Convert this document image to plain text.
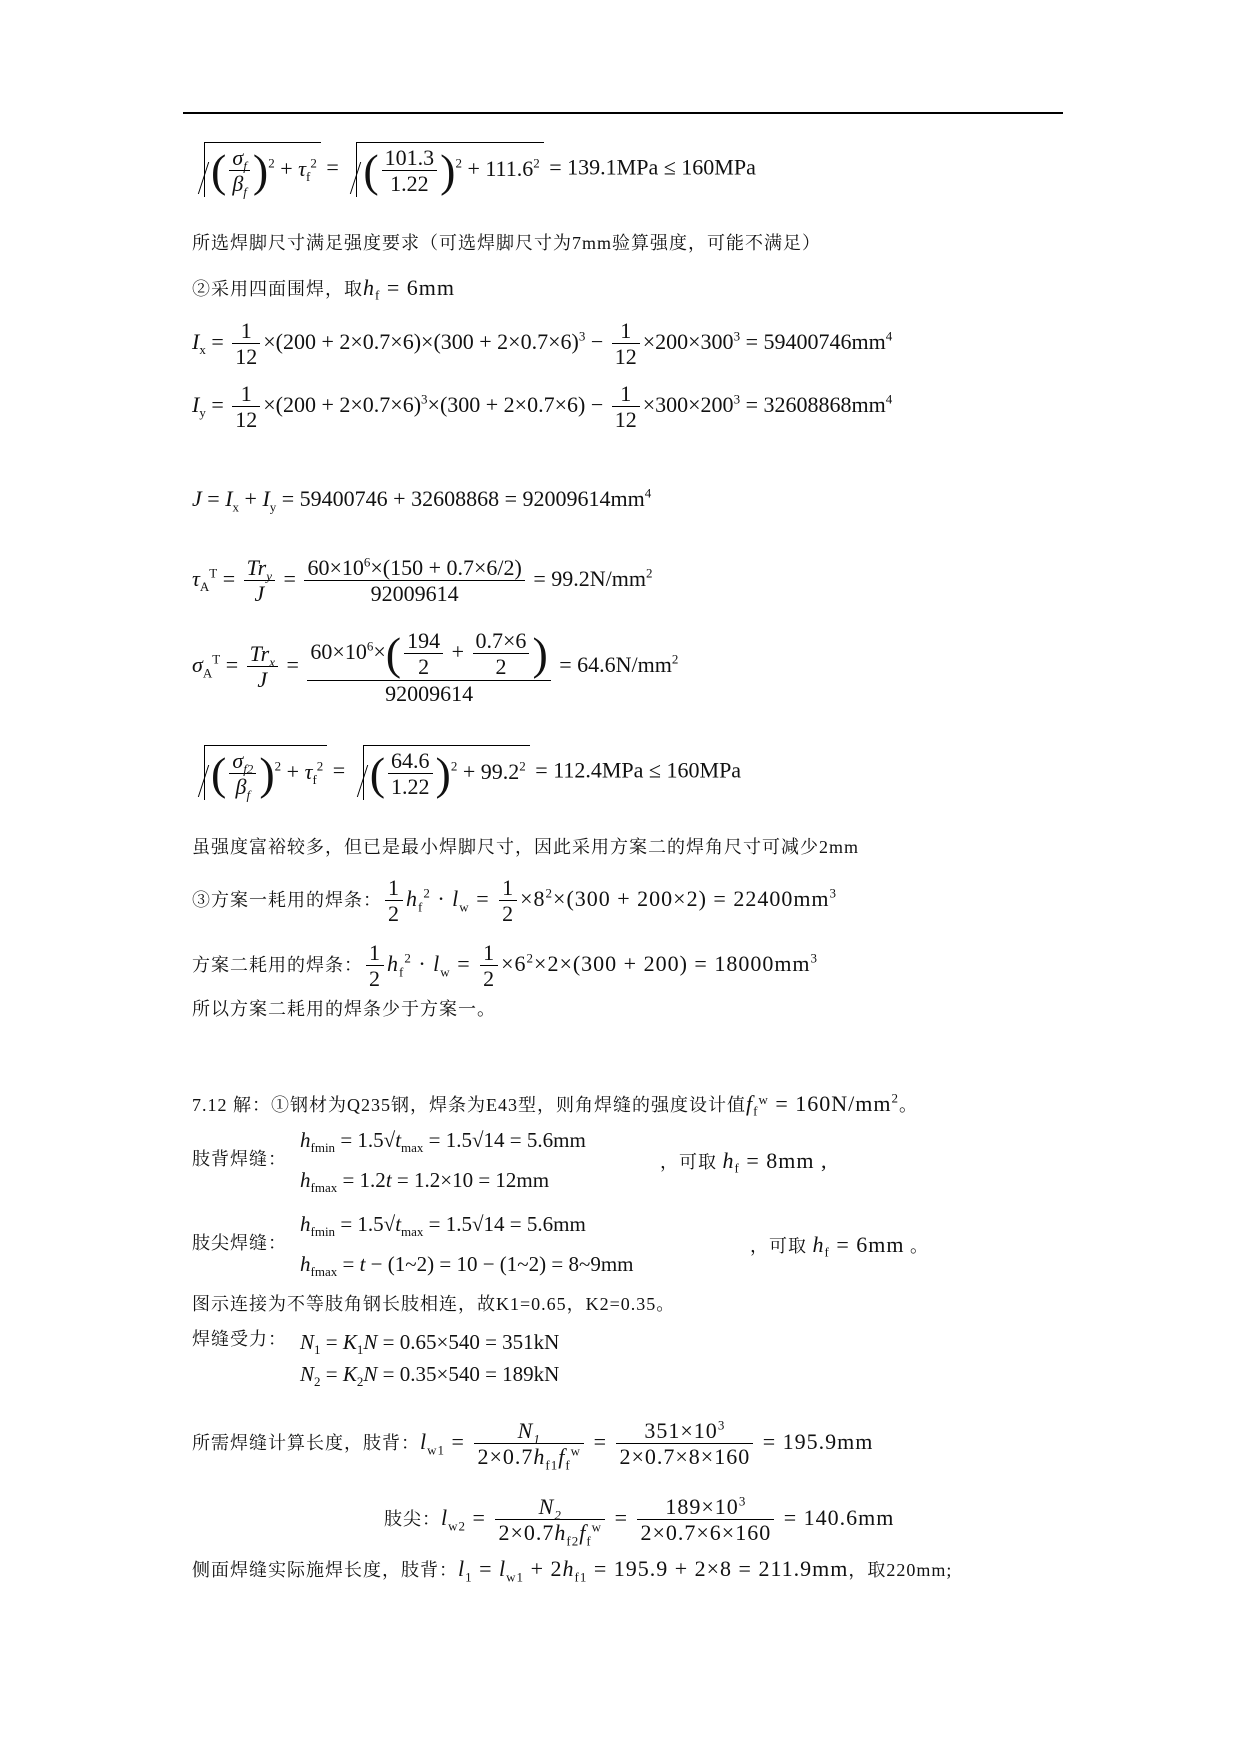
( $\frac{\sigma_f}{\beta_f} )^2 + \tau_f^2$ = ( $\frac{101.3}{1.22} )^2 + 111.6^2 = 139.1MPa \le 160MPa$
所选焊脚尺寸满足强度要求（可选焊脚尺寸为7mm验算强度，可能不满足）
②采用四面围焊，取$h_f = 6mm$
$I_x = \frac{1}{12} \times(200 + 2\times 0.7\times 6)\times(300 + 2\times 0.7\times 6)^3 - \frac{1}{12} \times 200\times 300^3 = 59400746mm^4$
$I_y = \frac{1}{12} \times(200 + 2\times 0.7\times 6)^3\times(300 + 2\times 0.7\times 6) - \frac{1}{12} \times 300\times 200^3 = 32608868mm^4$
$J = I_x + I_y = 59400746 + 32608868 = 92009614mm^4$
$\tau_A^T = \frac{Tr_y}{J} = \frac{60\times 10^6\times(150 + 0.7\times 6/2)}{92009614} = 99.2N/mm^2$
$\sigma_A^T = \frac{Tr_x}{J} = \frac{60\times 10^6\times( \frac{194}{2} + \frac{0.7\times 6}{2} )}{92009614} = 64.6N/mm^2$
( $\frac{\sigma_{f2}}{\beta_f} )^2 + \tau_f^2$ = ( $\frac{64.6}{1.22} )^2 + 99.2^2 = 112.4MPa \le 160MPa$
虽强度富裕较多，但已是最小焊脚尺寸，因此采用方案二的焊角尺寸可减少2mm
③方案一耗用的焊条： $\frac{1}{2} h_f^2 \cdot l_w = \frac{1}{2} \times 8^2\times(300 + 200\times 2) = 22400mm^3$
方案二耗用的焊条： $\frac{1}{2} h_f^2 \cdot l_w = \frac{1}{2} \times 6^2\times 2\times(300 + 200) = 18000mm^3$
所以方案二耗用的焊条少于方案一。
7.12 解：①钢材为Q235钢，焊条为E43型，则角焊缝的强度设计值$f_f^w = 160N/mm^2$。
肢背焊缝：
$h_{fmin} = 1.5√t_{max} = 1.5√14 = 5.6mm$
$h_{fmax} = 1.2t = 1.2\times 10 = 12mm$
，可取 $h_f = 8mm$ ,
肢尖焊缝：
$h_{fmin} = 1.5√t_{max} = 1.5√14 = 5.6mm$
$h_{fmax} = t$ − (1~2) = 10 − (1~2) = 8~9mm
，可取 $h_f = 6mm$ 。
图示连接为不等肢角钢长肢相连，故K1=0.65，K2=0.35。
焊缝受力： $N_1 = K_1N = 0.65\times 540 = 351kN$
$N_2 = K_2N = 0.35\times 540 = 189kN$
所需焊缝计算长度，肢背：$l_{w1} = \frac{N_1}{2\times 0.7h_{f1}f_f^w} = \frac{351\times 10^3}{2\times 0.7\times 8\times 160} = 195.9mm$
肢尖：$l_{w2} = \frac{N_2}{2\times 0.7h_{f2}f_f^w} = \frac{189\times 10^3}{2\times 0.7\times 6\times 160} = 140.6mm$
侧面焊缝实际施焊长度，肢背：$l_1 = l_{w1} + 2h_{f1} = 195.9 + 2\times 8 = 211.9mm$，取220mm;
